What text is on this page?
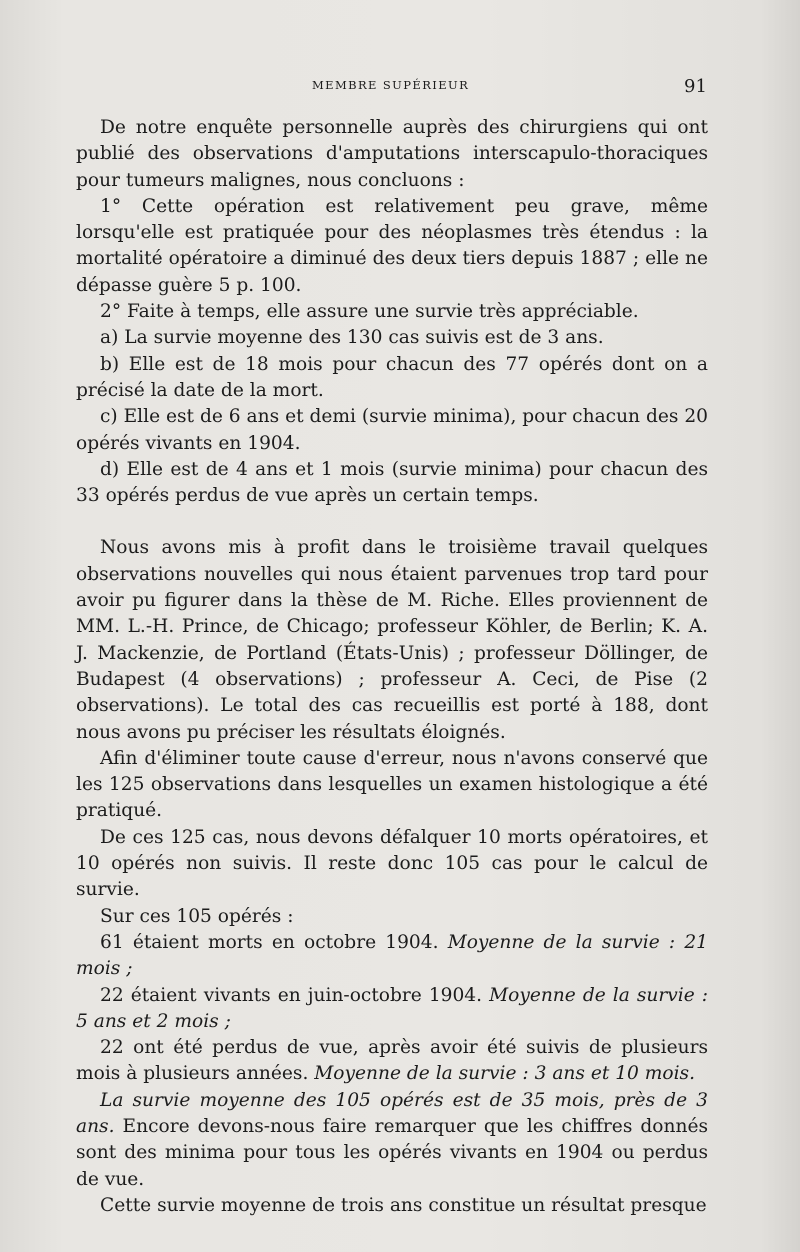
MEMBRE SUPÉRIEUR	91

De notre enquête personnelle auprès des chirurgiens qui ont publié des observations d'amputations interscapulo-thoraciques pour tumeurs malignes, nous concluons :

1° Cette opération est relativement peu grave, même lorsqu'elle est pratiquée pour des néoplasmes très étendus : la mortalité opératoire a diminué des deux tiers depuis 1887 ; elle ne dépasse guère 5 p. 100.

2° Faite à temps, elle assure une survie très appréciable.

a) La survie moyenne des 130 cas suivis est de 3 ans.

b) Elle est de 18 mois pour chacun des 77 opérés dont on a précisé la date de la mort.

c) Elle est de 6 ans et demi (survie minima), pour chacun des 20 opérés vivants en 1904.

d) Elle est de 4 ans et 1 mois (survie minima) pour chacun des 33 opérés perdus de vue après un certain temps.

Nous avons mis à profit dans le troisième travail quelques observations nouvelles qui nous étaient parvenues trop tard pour avoir pu figurer dans la thèse de M. Riche. Elles proviennent de MM. L.-H. Prince, de Chicago; professeur Köhler, de Berlin; K. A. J. Mackenzie, de Portland (États-Unis) ; professeur Döllinger, de Budapest (4 observations) ; professeur A. Ceci, de Pise (2 observations). Le total des cas recueillis est porté à 188, dont nous avons pu préciser les résultats éloignés.

Afin d'éliminer toute cause d'erreur, nous n'avons conservé que les 125 observations dans lesquelles un examen histologique a été pratiqué.

De ces 125 cas, nous devons défalquer 10 morts opératoires, et 10 opérés non suivis. Il reste donc 105 cas pour le calcul de survie.

Sur ces 105 opérés :

61 étaient morts en octobre 1904. Moyenne de la survie : 21 mois ;

22 étaient vivants en juin-octobre 1904. Moyenne de la survie : 5 ans et 2 mois ;

22 ont été perdus de vue, après avoir été suivis de plusieurs mois à plusieurs années. Moyenne de la survie : 3 ans et 10 mois.

La survie moyenne des 105 opérés est de 35 mois, près de 3 ans. Encore devons-nous faire remarquer que les chiffres donnés sont des minima pour tous les opérés vivants en 1904 ou perdus de vue.

Cette survie moyenne de trois ans constitue un résultat presque
